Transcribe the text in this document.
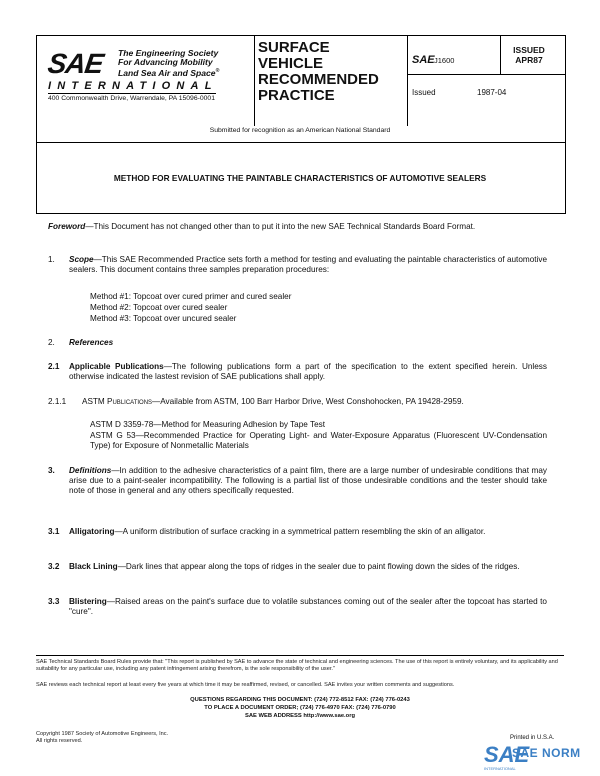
SAE The Engineering Society
For Advancing Mobility
Land Sea Air and Space®
INTERNATIONAL
400 Commonwealth Drive, Warrendale, PA 15096-0001
SURFACE
VEHICLE
RECOMMENDED
PRACTICE
SAE J1600
ISSUED
APR87
Issued	1987-04
Submitted for recognition as an American National Standard
METHOD FOR EVALUATING THE PAINTABLE CHARACTERISTICS OF AUTOMOTIVE SEALERS
Foreword—This Document has not changed other than to put it into the new SAE Technical Standards Board Format.
1. Scope—This SAE Recommended Practice sets forth a method for testing and evaluating the paintable characteristics of automotive sealers. This document contains three samples preparation procedures:
Method #1: Topcoat over cured primer and cured sealer
Method #2: Topcoat over cured sealer
Method #3: Topcoat over uncured sealer
2. References
2.1 Applicable Publications—The following publications form a part of the specification to the extent specified herein. Unless otherwise indicated the lastest revision of SAE publications shall apply.
2.1.1 ASTM Publications—Available from ASTM, 100 Barr Harbor Drive, West Conshohocken, PA 19428-2959.
ASTM D 3359-78—Method for Measuring Adhesion by Tape Test
ASTM G 53—Recommended Practice for Operating Light- and Water-Exposure Apparatus (Fluorescent UV-Condensation Type) for Exposure of Nonmetallic Materials
3. Definitions—In addition to the adhesive characteristics of a paint film, there are a large number of undesirable conditions that may arise due to a paint-sealer incompatibility. The following is a partial list of those undesirable conditions and the tester should take note of those in general and any others specifically requested.
3.1 Alligatoring—A uniform distribution of surface cracking in a symmetrical pattern resembling the skin of an alligator.
3.2 Black Lining—Dark lines that appear along the tops of ridges in the sealer due to paint flowing down the sides of the ridges.
3.3 Blistering—Raised areas on the paint's surface due to volatile substances coming out of the sealer after the topcoat has started to "cure".
SAE Technical Standards Board Rules provide that: "This report is published by SAE to advance the state of technical and engineering sciences. The use of this report is entirely voluntary, and its applicability and suitability for any particular use, including any patent infringement arising therefrom, is the sole responsibility of the user."
SAE reviews each technical report at least every five years at which time it may be reaffirmed, revised, or cancelled. SAE invites your written comments and suggestions.
QUESTIONS REGARDING THIS DOCUMENT: (724) 772-8512 FAX: (724) 776-0243
TO PLACE A DOCUMENT ORDER; (724) 776-4970 FAX: (724) 776-0790
SAE WEB ADDRESS http://www.sae.org
Copyright 1987 Society of Automotive Engineers, Inc.
All rights reserved.	Printed in U.S.A.
SAE
SAE NORM
INTERNATIONAL
